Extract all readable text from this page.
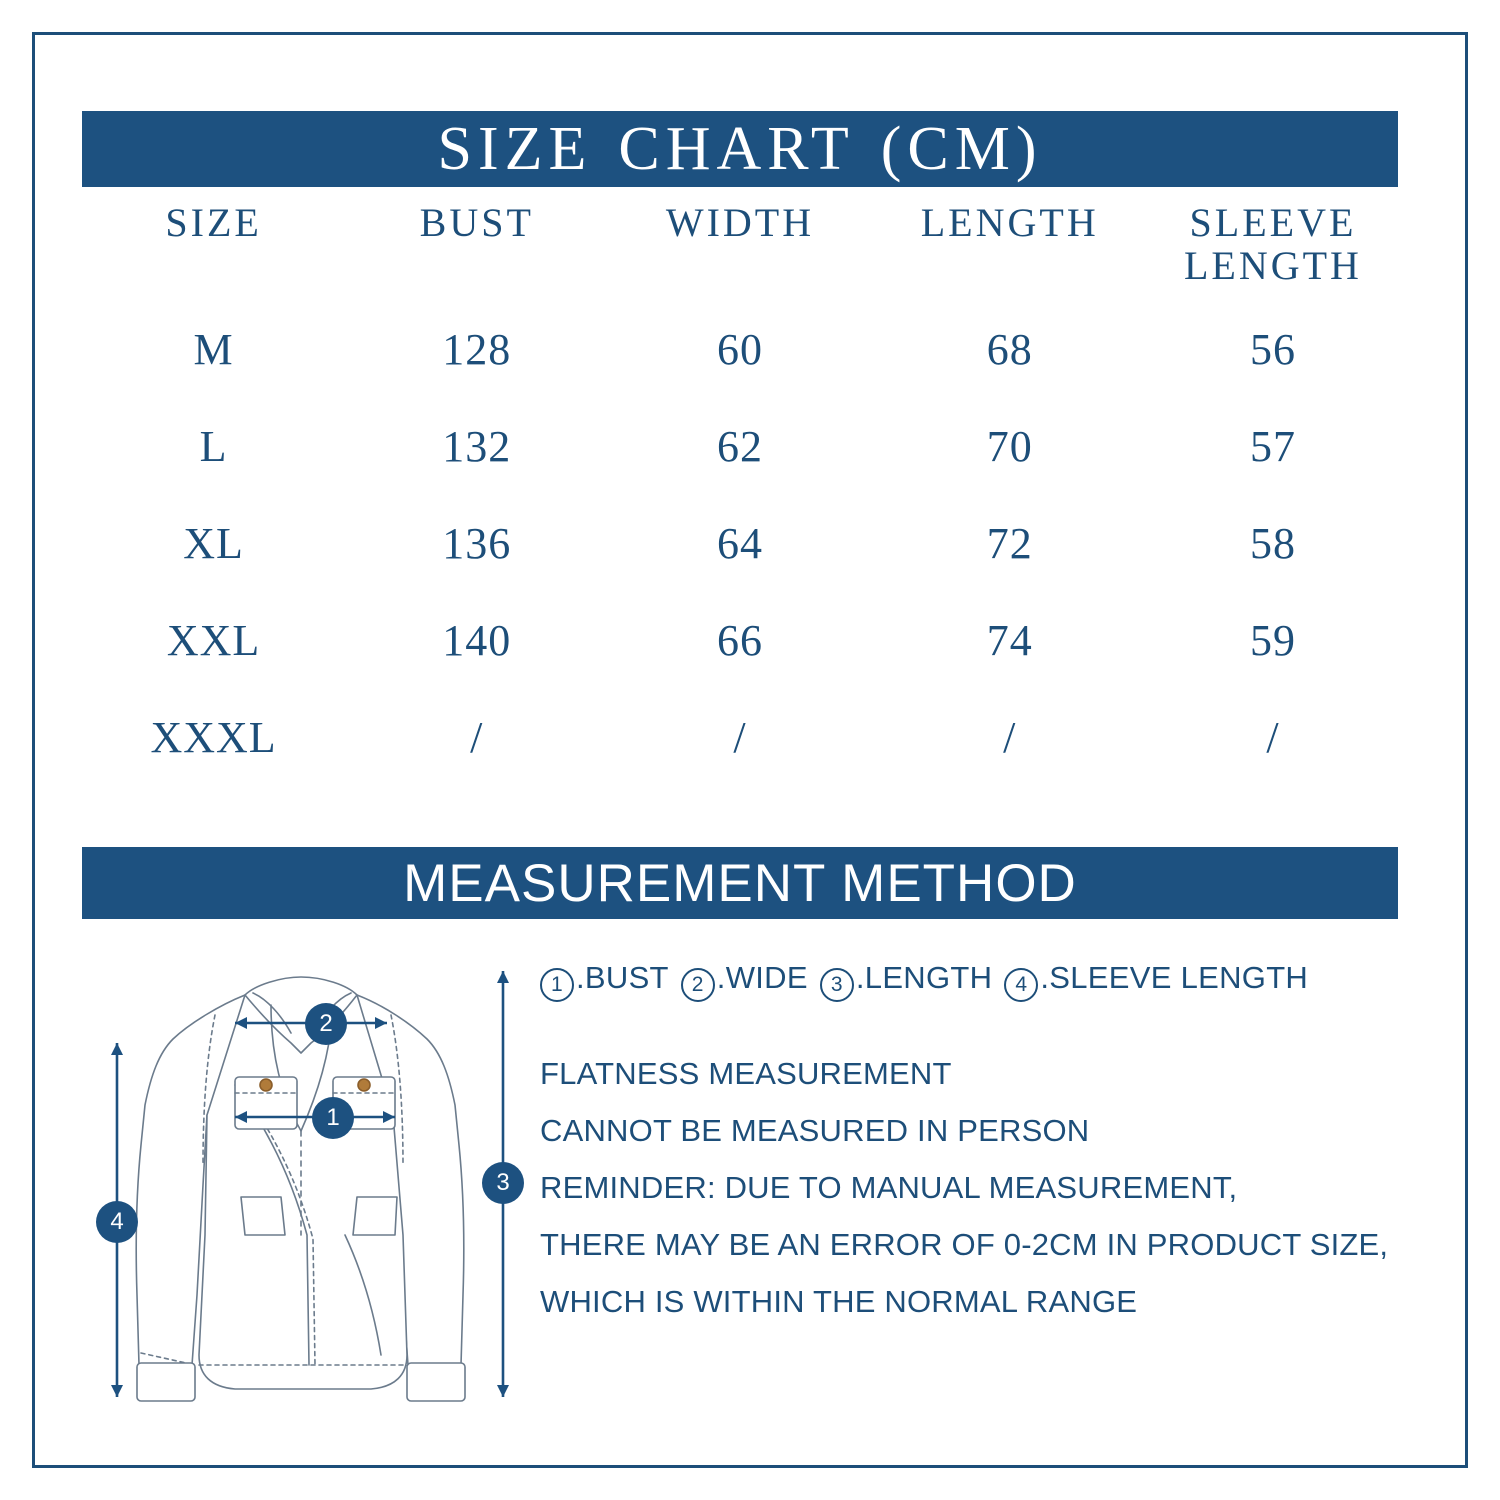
SIZE CHART (CM)
SIZE	BUST	WIDTH	LENGTH	SLEEVE
LENGTH

M	128	60	68	56
L	132	62	70	57
XL	136	64	72	58
XXL	140	66	74	59
XXXL	/	/	/	/
MEASUREMENT METHOD
2
1
4
3
1 .BUST	2 .WIDE	3 .LENGTH	4 .SLEEVE LENGTH
FLATNESS MEASUREMENT
CANNOT BE MEASURED IN PERSON
REMINDER: DUE TO MANUAL MEASUREMENT,
THERE MAY BE AN ERROR OF 0-2CM IN PRODUCT SIZE,
WHICH IS WITHIN THE NORMAL RANGE
